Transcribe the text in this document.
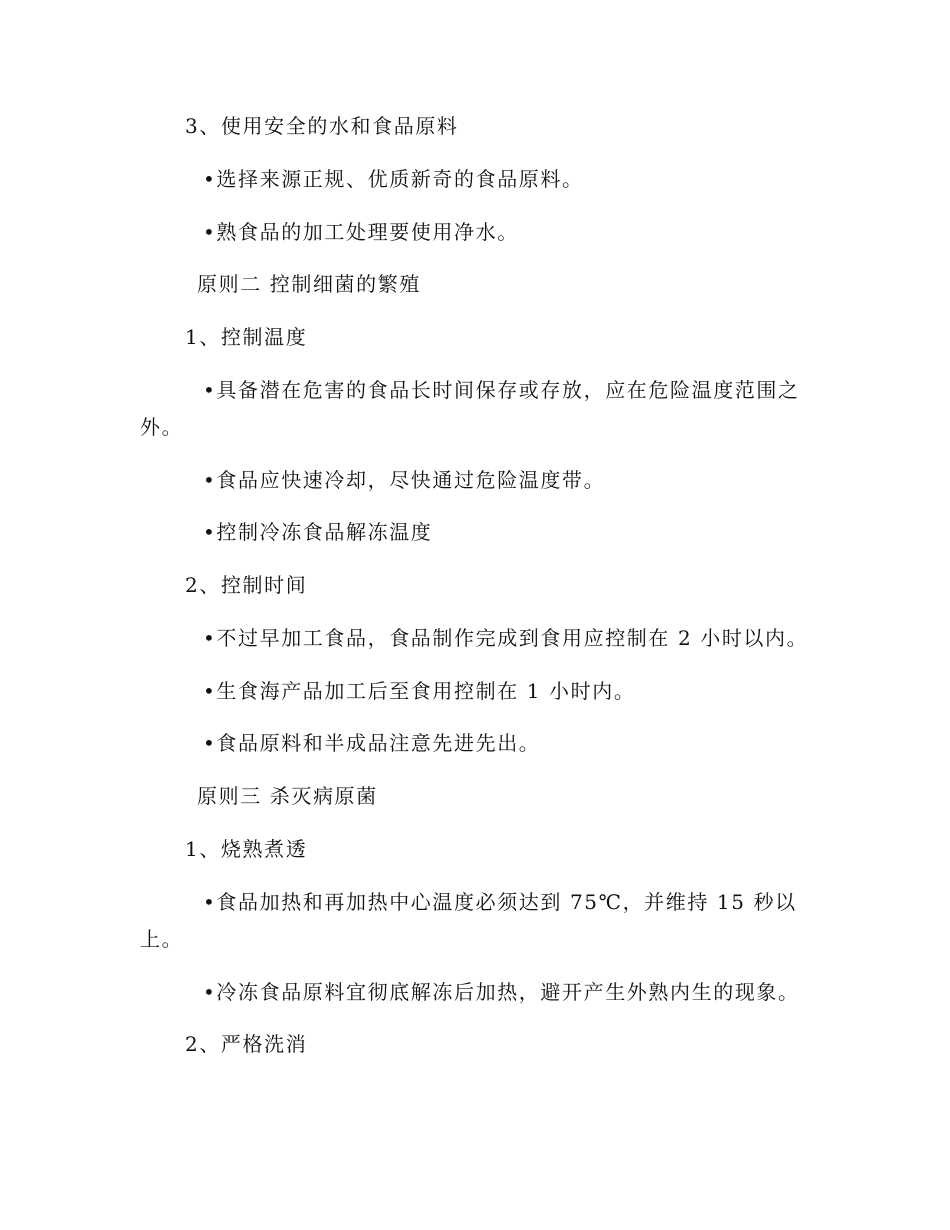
3、使用安全的水和食品原料

•选择来源正规、优质新奇的食品原料。

•熟食品的加工处理要使用净水。

原则二 控制细菌的繁殖

1、控制温度

•具备潜在危害的食品长时间保存或存放，应在危险温度范围之

外。

•食品应快速冷却，尽快通过危险温度带。

•控制冷冻食品解冻温度

2、控制时间

•不过早加工食品，食品制作完成到食用应控制在 2 小时以内。

•生食海产品加工后至食用控制在 1 小时内。

•食品原料和半成品注意先进先出。

原则三 杀灭病原菌

1、烧熟煮透

•食品加热和再加热中心温度必须达到 75℃，并维持 15 秒以

上。

•冷冻食品原料宜彻底解冻后加热，避开产生外熟内生的现象。

2、严格洗消
